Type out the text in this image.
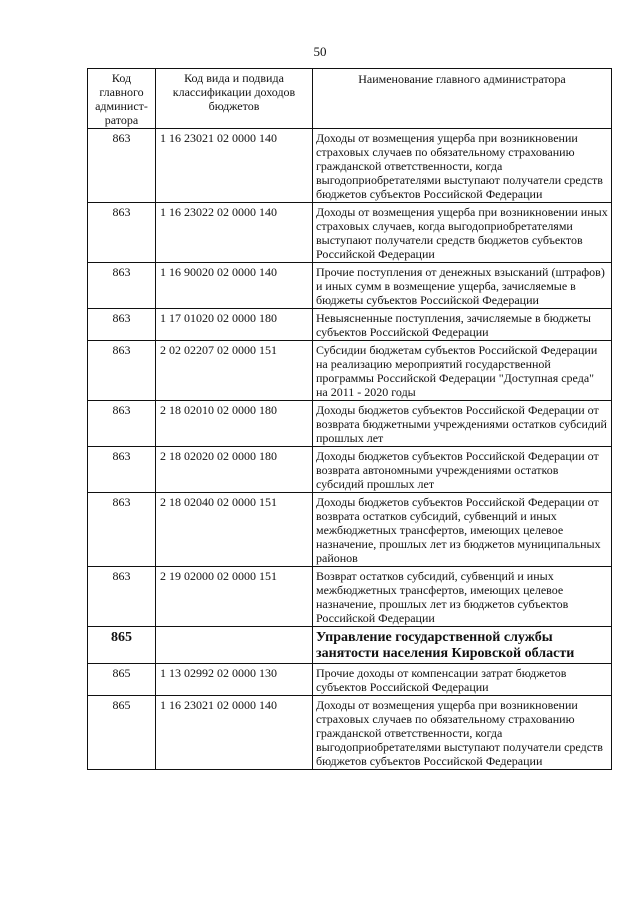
50
Код главного админист-ратора	Код вида и подвида классификации доходов бюджетов	Наименование главного администратора
863	1 16 23021 02 0000 140	Доходы от возмещения ущерба при возникновении страховых случаев по обязательному страхованию гражданской ответственности, когда выгодоприобретателями выступают получатели средств бюджетов субъектов Российской Федерации
863	1 16 23022 02 0000 140	Доходы от возмещения ущерба при возникновении иных страховых случаев, когда выгодоприобретателями выступают получатели средств бюджетов субъектов Российской Федерации
863	1 16 90020 02 0000 140	Прочие поступления от денежных взысканий (штрафов) и иных сумм в возмещение ущерба, зачисляемые в бюджеты субъектов Российской Федерации
863	1 17 01020 02 0000 180	Невыясненные поступления, зачисляемые в бюджеты субъектов Российской Федерации
863	2 02 02207 02 0000 151	Субсидии бюджетам субъектов Российской Федерации на реализацию мероприятий государственной программы Российской Федерации "Доступная среда" на 2011 - 2020 годы
863	2 18 02010 02 0000 180	Доходы бюджетов субъектов Российской Федерации от возврата бюджетными учреждениями остатков субсидий прошлых лет
863	2 18 02020 02 0000 180	Доходы бюджетов субъектов Российской Федерации от возврата автономными учреждениями остатков субсидий прошлых лет
863	2 18 02040 02 0000 151	Доходы бюджетов субъектов Российской Федерации от возврата остатков субсидий, субвенций и иных межбюджетных трансфертов, имеющих целевое назначение, прошлых лет из бюджетов муниципальных районов
863	2 19 02000 02 0000 151	Возврат остатков субсидий, субвенций и иных межбюджетных трансфертов, имеющих целевое назначение, прошлых лет из бюджетов субъектов Российской Федерации
865		Управление государственной службы занятости населения Кировской области
865	1 13 02992 02 0000 130	Прочие доходы от компенсации затрат бюджетов субъектов Российской Федерации
865	1 16 23021 02 0000 140	Доходы от возмещения ущерба при возникновении страховых случаев по обязательному страхованию гражданской ответственности, когда выгодоприобретателями выступают получатели средств бюджетов субъектов Российской Федерации
